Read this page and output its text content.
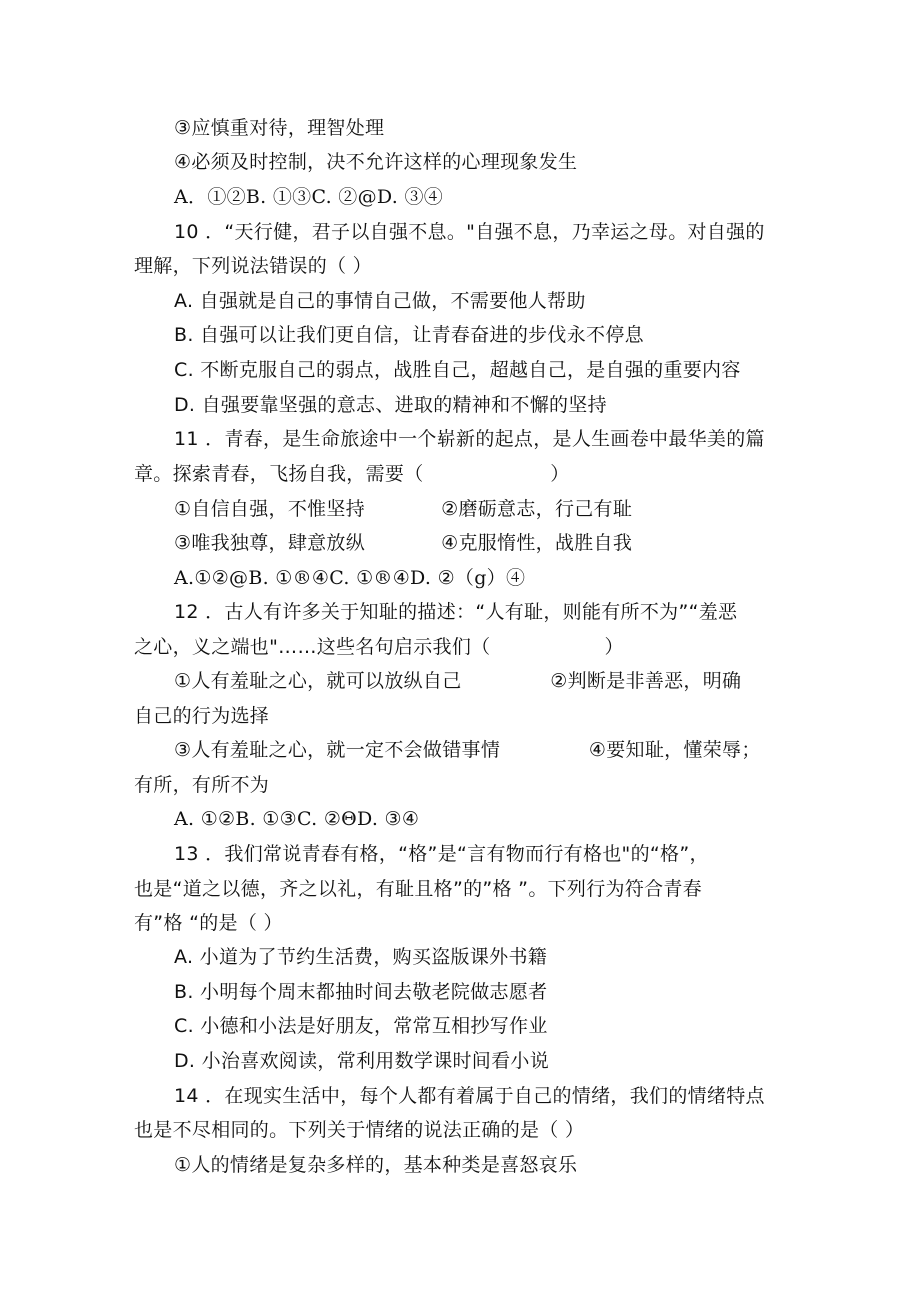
③应慎重对待，理智处理
④必须及时控制，决不允许这样的心理现象发生
A．①②B. ①③C. ②@D. ③④
10 ．“天行健，君子以自强不息。"自强不息，乃幸运之母。对自强的
理解，下列说法错误的（ ）
A. 自强就是自己的事情自己做，不需要他人帮助
B. 自强可以让我们更自信，让青春奋进的步伐永不停息
C. 不断克服自己的弱点，战胜自己，超越自己，是自强的重要内容
D. 自强要靠坚强的意志、进取的精神和不懈的坚持
11 ．青春，是生命旅途中一个崭新的起点，是人生画卷中最华美的篇
章。探索青春，飞扬自我，需要（                    ）
①自信自强，不惟坚持            ②磨砺意志，行己有耻
③唯我独尊，肆意放纵            ④克服惰性，战胜自我
A.①②@B. ①®④C. ①®④D. ②（g）④
12 ．古人有许多关于知耻的描述：“人有耻，则能有所不为”“羞恶
之心，义之端也"……这些名句启示我们（                  ）
①人有羞耻之心，就可以放纵自己              ②判断是非善恶，明确
自己的行为选择
③人有羞耻之心，就一定不会做错事情              ④要知耻，懂荣辱；
有所，有所不为
A. ①②B. ①③C. ②ΘD. ③④
13 ．我们常说青春有格，“格”是“言有物而行有格也"的“格”，
也是“道之以德，齐之以礼，有耻且格”的”格 ”。下列行为符合青春
有”格 “的是（ ）
A. 小道为了节约生活费，购买盗版课外书籍
B. 小明每个周末都抽时间去敬老院做志愿者
C. 小德和小法是好朋友，常常互相抄写作业
D. 小治喜欢阅读，常利用数学课时间看小说
14 ．在现实生活中，每个人都有着属于自己的情绪，我们的情绪特点
也是不尽相同的。下列关于情绪的说法正确的是（ ）
①人的情绪是复杂多样的，基本种类是喜怒哀乐
